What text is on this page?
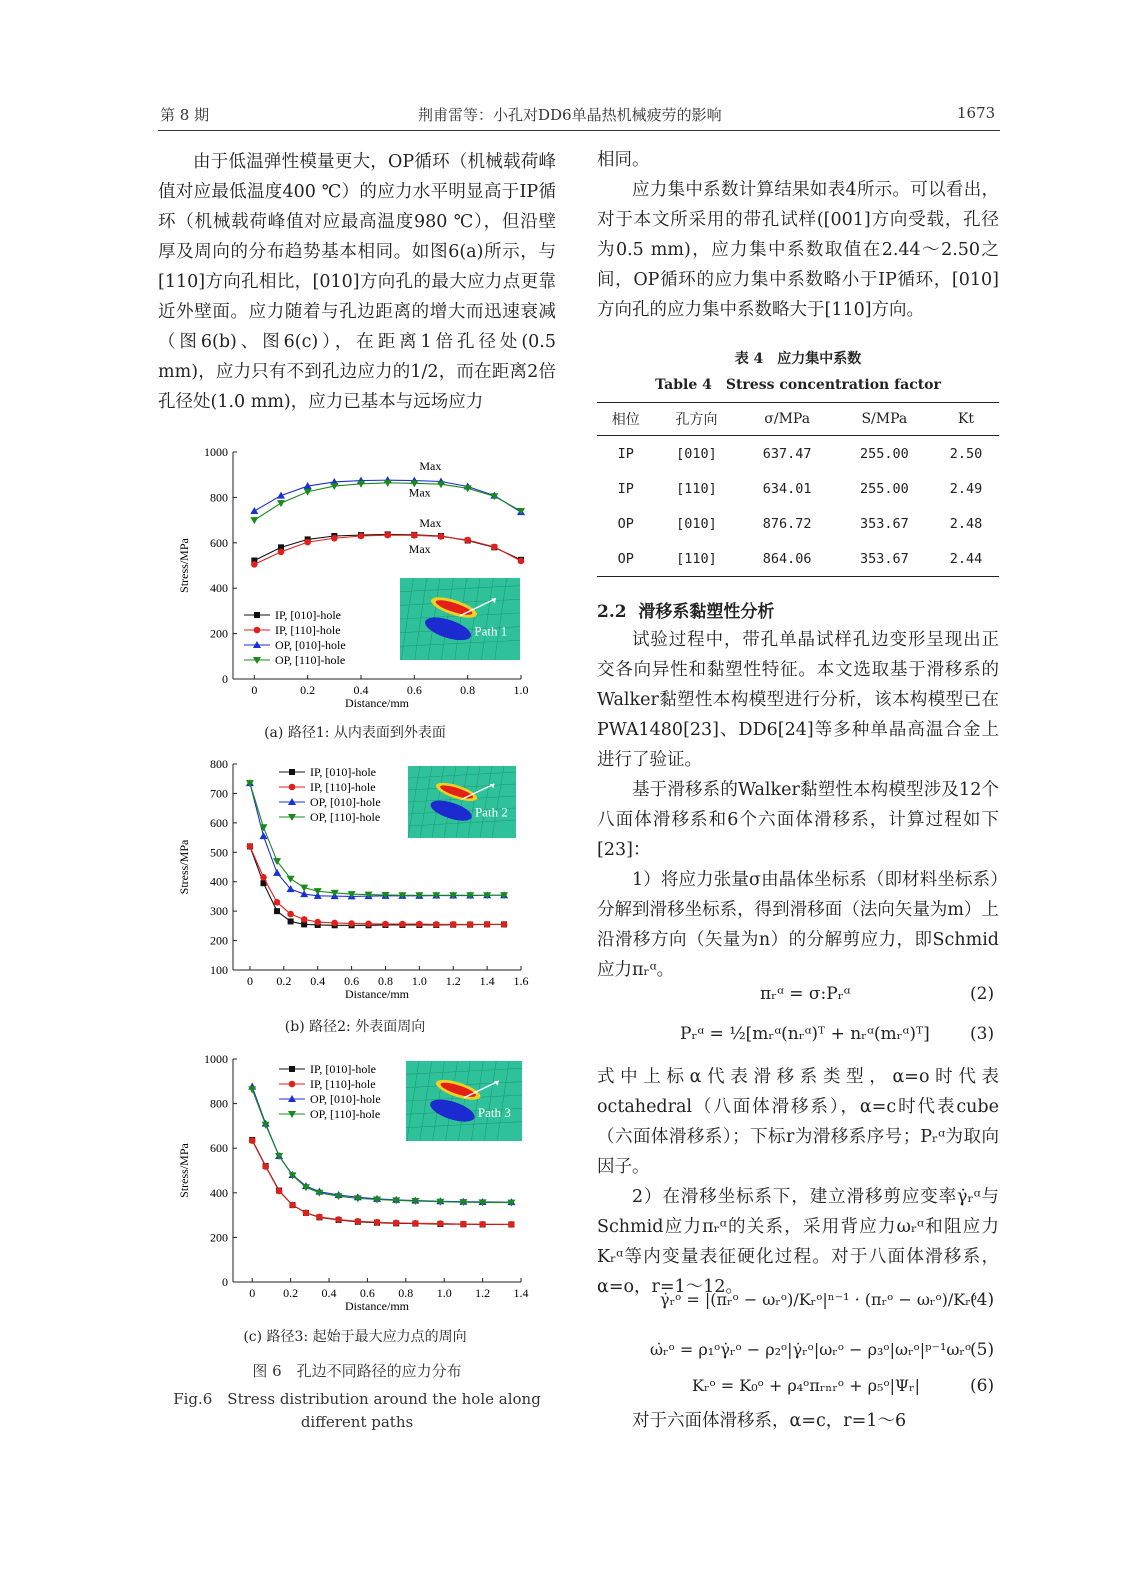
第 8 期	荆甫雷等：小孔对DD6单晶热机械疲劳的影响	1673

由于低温弹性模量更大，OP循环（机械载荷峰值对应最低温度400 ℃）的应力水平明显高于IP循环（机械载荷峰值对应最高温度980 ℃），但沿壁厚及周向的分布趋势基本相同。如图6(a)所示，与[110]方向孔相比，[010]方向孔的最大应力点更靠近外壁面。应力随着与孔边距离的增大而迅速衰减（图6(b)、图6(c)），在距离1倍孔径处(0.5 mm)，应力只有不到孔边应力的1/2，而在距离2倍孔径处(1.0 mm)，应力已基本与远场应力

相同。

应力集中系数计算结果如表4所示。可以看出，对于本文所采用的带孔试样([001]方向受载，孔径为0.5 mm)，应力集中系数取值在2.44～2.50之间，OP循环的应力集中系数略小于IP循环，[010]方向孔的应力集中系数略大于[110]方向。

表 4　应力集中系数
Table 4　Stress concentration factor
相位	孔方向	σ/MPa	S/MPa	Kt
IP	[010]	637.47	255.00	2.50
IP	[110]	634.01	255.00	2.49
OP	[010]	876.72	353.67	2.48
OP	[110]	864.06	353.67	2.44
2.2 滑移系黏塑性分析

试验过程中，带孔单晶试样孔边变形呈现出正交各向异性和黏塑性特征。本文选取基于滑移系的Walker黏塑性本构模型进行分析，该本构模型已在PWA1480[23]、DD6[24]等多种单晶高温合金上进行了验证。

基于滑移系的Walker黏塑性本构模型涉及12个八面体滑移系和6个六面体滑移系，计算过程如下[23]：

1）将应力张量σ由晶体坐标系（即材料坐标系）分解到滑移坐标系，得到滑移面（法向矢量为m）上沿滑移方向（矢量为n）的分解剪应力，即Schmid应力πᵣᵅ。

πᵣᵅ = σ:Pᵣᵅ	(2)
Pᵣᵅ = ½[mᵣᵅ(nᵣᵅ)ᵀ + nᵣᵅ(mᵣᵅ)ᵀ] (3)

式中上标α代表滑移系类型，α=o时代表octahedral（八面体滑移系），α=c时代表cube（六面体滑移系）；下标r为滑移系序号；Pᵣᵅ为取向因子。

2）在滑移坐标系下，建立滑移剪应变率γ̇ᵣᵅ与Schmid应力πᵣᵅ的关系，采用背应力ωᵣᵅ和阻应力Kᵣᵅ等内变量表征硬化过程。对于八面体滑移系，α=o，r=1～12。

γ̇ᵣᵒ = |(πᵣᵒ − ωᵣᵒ)/Kᵣᵒ|ⁿ⁻¹ · (πᵣᵒ − ωᵣᵒ)/Kᵣᵒ
(4)
ω̇ᵣᵒ = ρ₁ᵒγ̇ᵣᵒ − ρ₂ᵒ|γ̇ᵣᵒ|ωᵣᵒ − ρ₃ᵒ|ωᵣᵒ|ᵖ⁻¹ωᵣᵒ
(5)
Kᵣᵒ = K₀ᵒ + ρ₄ᵒπᵣₙᵣᵒ + ρ₅ᵒ|Ψᵣ|	(6)

对于六面体滑移系，α=c，r=1～6

0
200
400
600
800
1000
0	0.2	0.4	0.6	0.8	1.0
Distance/mm
Stress/MPa
Path 1
Max
Max
Max
Max
IP, [010]-hole
IP, [110]-hole
OP, [010]-hole
OP, [110]-hole
(a) 路径1: 从内表面到外表面
100
200
300
400
500
600
700
800
0 0.2 0.4 0.6 0.8 1.0 1.2 1.4 1.6
Distance/mm
Stress/MPa
Path 2
IP, [010]-hole
IP, [110]-hole
OP, [010]-hole
OP, [110]-hole
(b) 路径2: 外表面周向
0
200
400
600
800
1000
0 0.2 0.4 0.6 0.8 1.0 1.2 1.4
Distance/mm
Stress/MPa
Path 3
IP, [010]-hole
IP, [110]-hole
OP, [010]-hole
OP, [110]-hole
(c) 路径3: 起始于最大应力点的周向
图 6　孔边不同路径的应力分布
Fig.6　Stress distribution around the hole along
different paths
